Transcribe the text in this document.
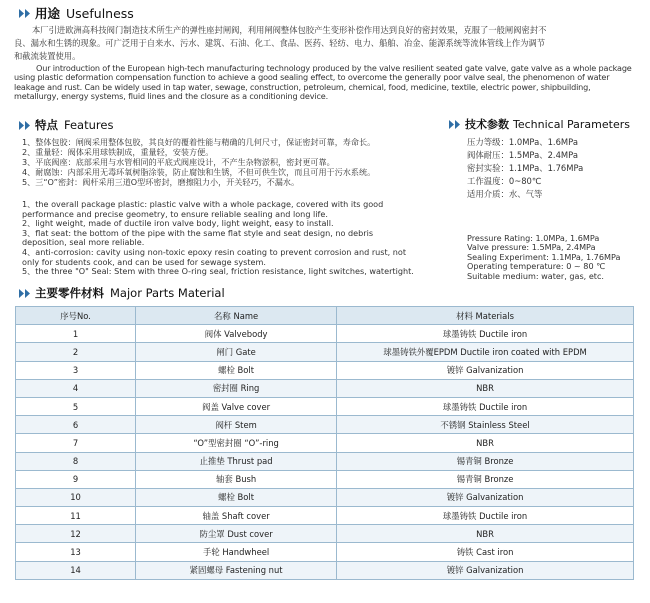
用途 Usefulness

本厂引进欧洲高科技阀门制造技术所生产的弹性座封闸阀，利用闸阀整体包胶产生变形补偿作用达到良好的密封效果，克服了一般闸阀密封不

良、漏水和生锈的现象。可广泛用于自来水、污水、建筑、石油、化工、食品、医药、轻纺、电力、船舶、冶金、能源系统等流体管线上作为调节

和截流装置使用。

Our introduction of the European high-tech manufacturing technology produced by the valve resilient seated gate valve, gate valve as a whole package using plastic deformation compensation function to achieve a good sealing effect, to overcome the generally poor valve seal, the phenomenon of water leakage and rust. Can be widely used in tap water, sewage, construction, petroleum, chemical, food, medicine, textile, electric power, shipbuilding, metallurgy, energy systems, fluid lines and the closure as a conditioning device.

特点 Features
1、整体包胶：闸阀采用整体包胶，其良好的覆着性能与精确的几何尺寸，保证密封可靠，寿命长。
2、重量轻：阀体采用球铁制成，重量轻，安装方便。
3、平底阀座：底部采用与水管相同的平底式阀座设计，不产生杂物淤积，密封更可靠。
4、耐腐蚀：内部采用无毒环氧树脂涂装，防止腐蚀和生锈，不但可供生饮，而且可用于污水系统。
5、三“O”密封：阀杆采用三道O型环密封，磨擦阻力小，开关轻巧，不漏水。
1、the overall package plastic: plastic valve with a whole package, covered with its good performance and precise geometry, to ensure reliable sealing and long life.
2、light weight, made of ductile iron valve body, light weight, easy to install.
3、flat seat: the bottom of the pipe with the same flat style and seat design, no debris deposition, seal more reliable.
4、anti-corrosion: cavity using non-toxic epoxy resin coating to prevent corrosion and rust, not only for students cook, and can be used for sewage system.
5、the three "O" Seal: Stem with three O-ring seal, friction resistance, light switches, watertight.
技术参数 Technical Parameters
压力等级：1.0MPa、1.6MPa
阀体耐压：1.5MPa、2.4MPa
密封实验：1.1MPa、1.76MPa
工作温度：0~80℃
适用介质：水、气等
Pressure Rating: 1.0MPa, 1.6MPa
Valve pressure: 1.5MPa, 2.4MPa
Sealing Experiment: 1.1MPa, 1.76MPa
Operating temperature: 0 ~ 80 ℃
Suitable medium: water, gas, etc.
主要零件材料 Major Parts Material
序号No.	名称 Name	材料 Materials
1	阀体 Valvebody	球墨铸铁 Ductile iron
2	闸门 Gate	球墨铸铁外覆EPDM Ductile iron coated with EPDM
3	螺栓 Bolt	镀锌 Galvanization
4	密封圈 Ring	NBR
5	阀盖 Valve cover	球墨铸铁 Ductile iron
6	阀杆 Stem	不锈钢 Stainless Steel
7	“O”型密封圈 “O”-ring	NBR
8	止推垫 Thrust pad	锡青铜 Bronze
9	轴套 Bush	锡青铜 Bronze
10	螺栓 Bolt	镀锌 Galvanization
11	轴盖 Shaft cover	球墨铸铁 Ductile iron
12	防尘罩 Dust cover	NBR
13	手轮 Handwheel	铸铁 Cast iron
14	紧固螺母 Fastening nut	镀锌 Galvanization
